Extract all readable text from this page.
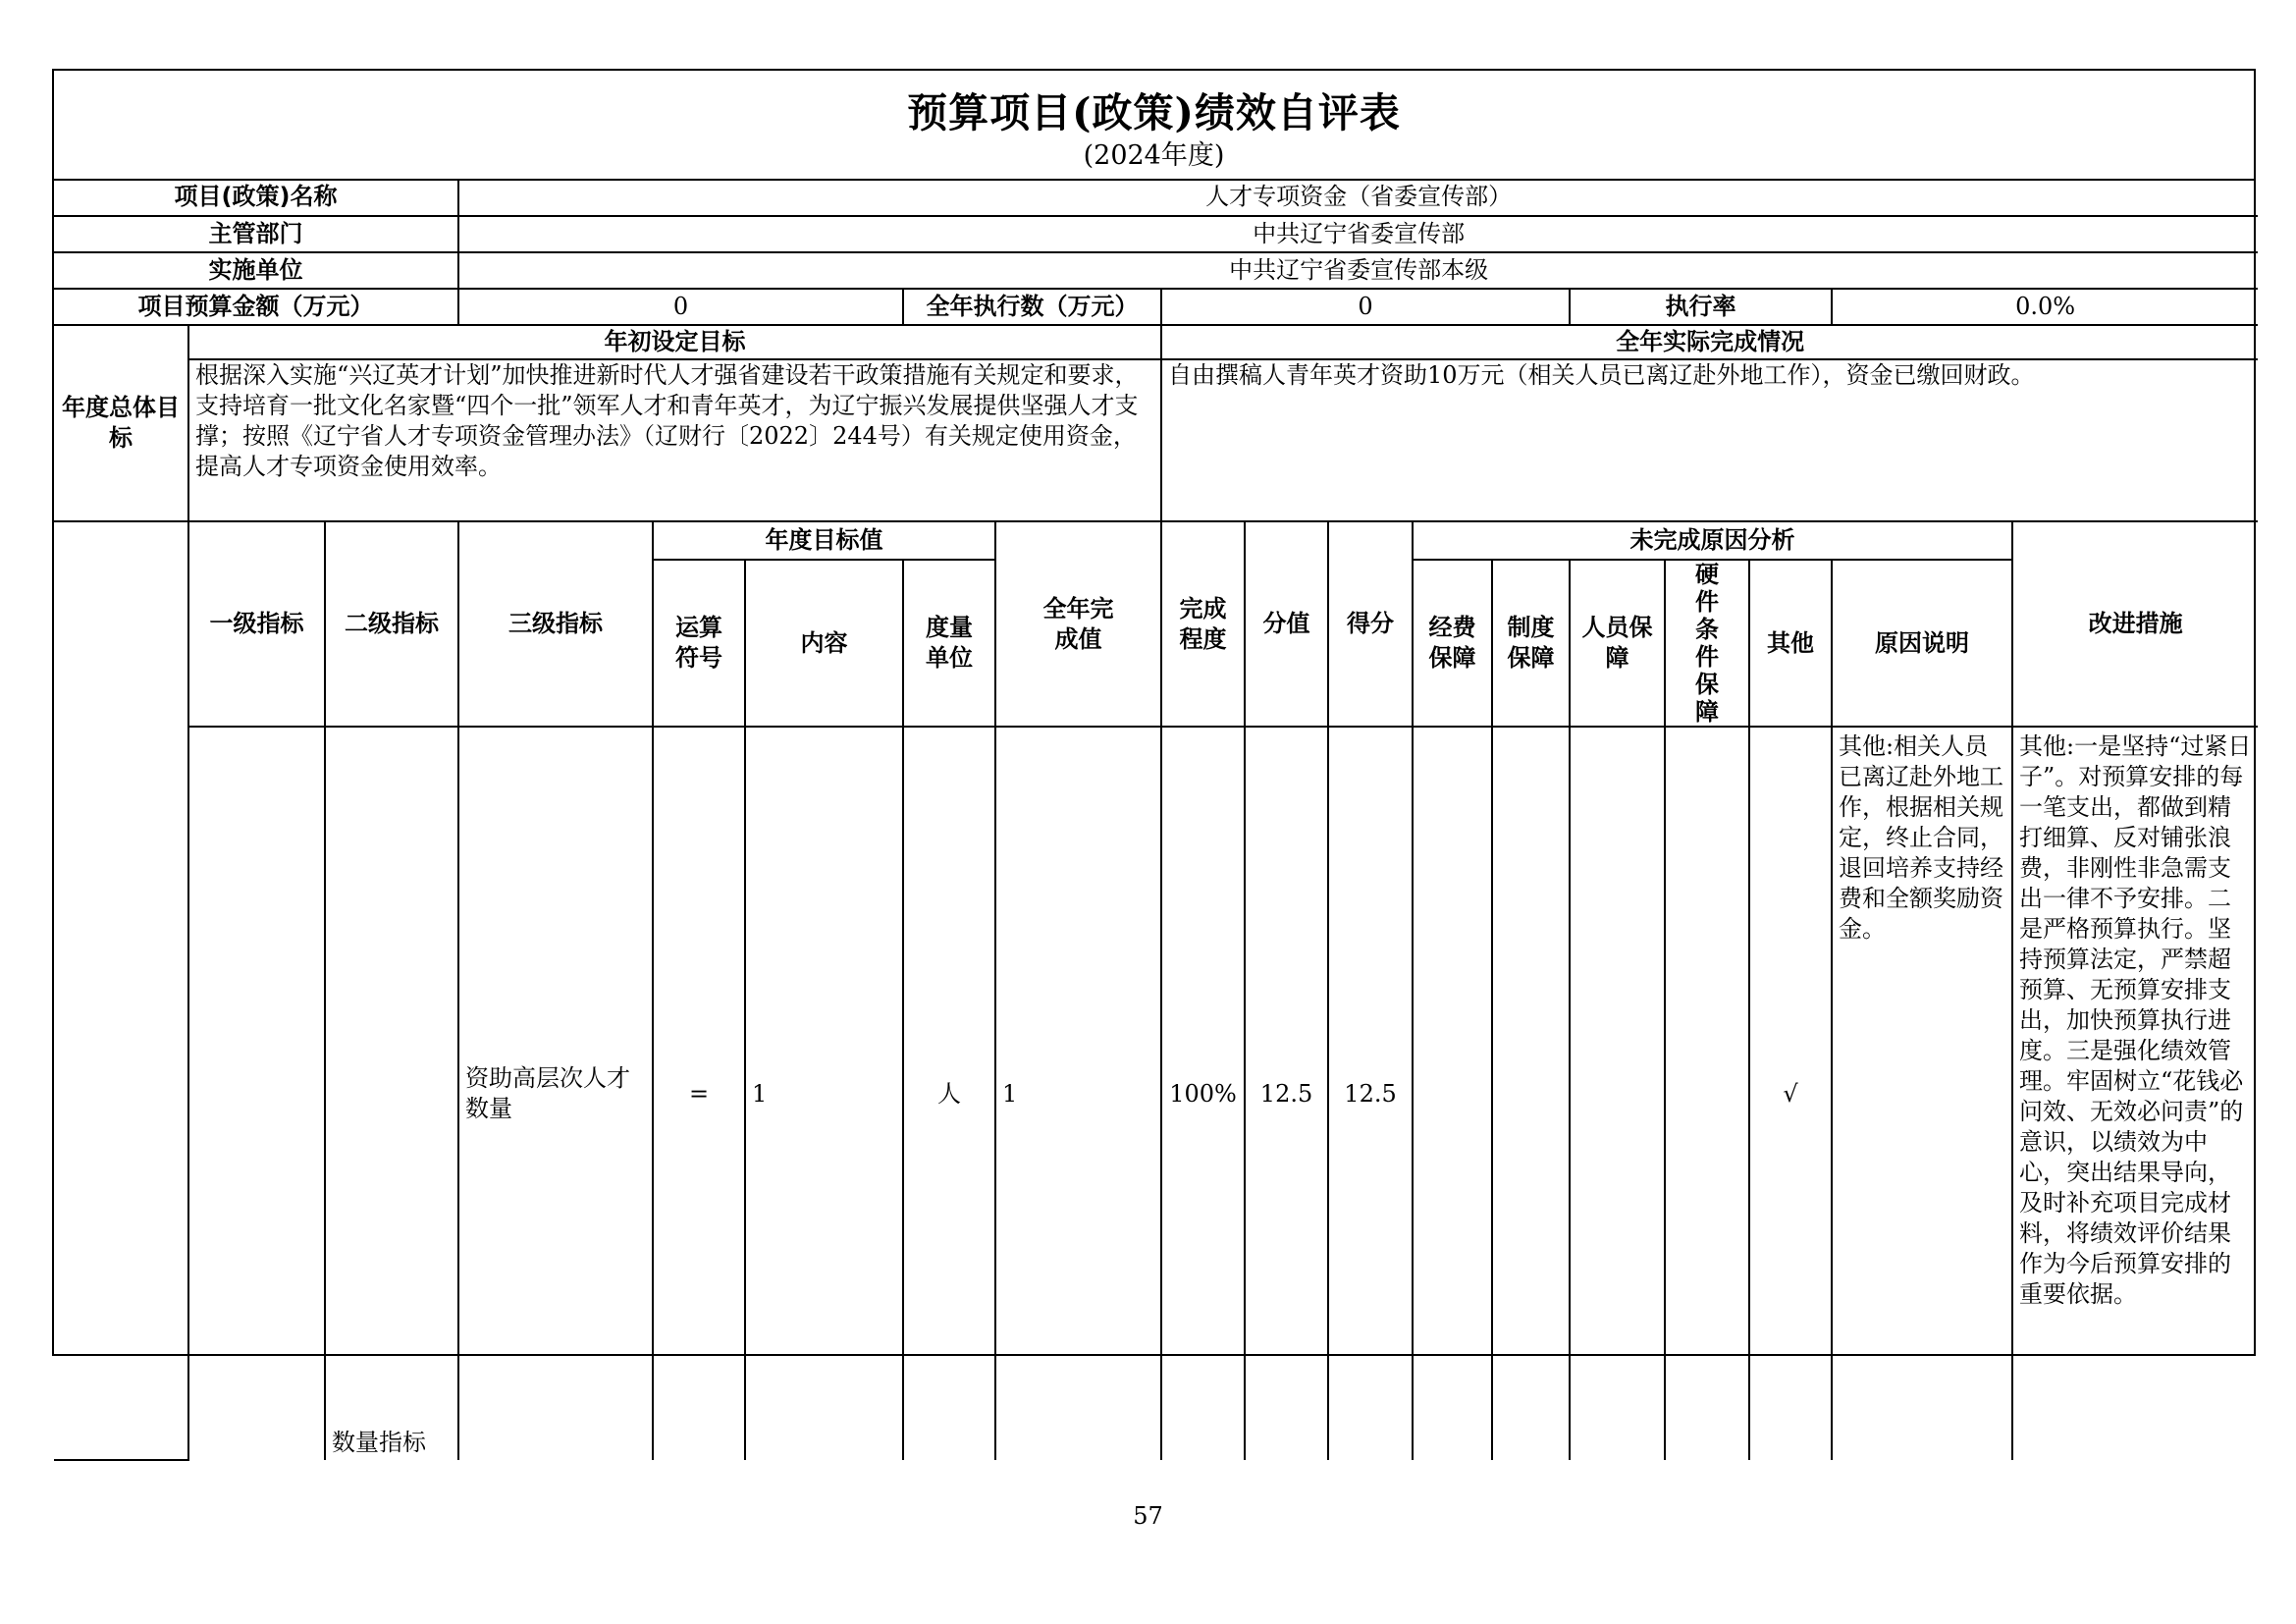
预算项目(政策)绩效自评表
(2024年度)
项目(政策)名称			人才专项资金（省委宣传部）														
主管部门			中共辽宁省委宣传部														
实施单位			中共辽宁省委宣传部本级														
项目预算金额（万元）			0			全年执行数（万元）		0					执行率			0.0%	
年度总体目标	年初设定目标							全年实际完成情况									
	根据深入实施“兴辽英才计划”加快推进新时代人才强省建设若干政策措施有关规定和要求，支持培育一批文化名家暨“四个一批”领军人才和青年英才，为辽宁振兴发展提供坚强人才支撑；按照《辽宁省人才专项资金管理办法》（辽财行〔2022〕244号）有关规定使用资金，提高人才专项资金使用效率。							自由撰稿人青年英才资助10万元（相关人员已离辽赴外地工作），资金已缴回财政。									
	一级指标	二级指标	三级指标	年度目标值			全年完成值	完成程度	分值	得分	未完成原因分析						改进措施
				运算符号	内容	度量单位					经费保障	制度保障	人员保障	硬件条件保障	其他	原因说明	
		数量指标	资助高层次人才数量	=	1	人	1	100%	12.5	12.5					√	其他:相关人员已离辽赴外地工作，根据相关规定，终止合同，退回培养支持经费和全额奖励资金。	其他:一是坚持“过紧日子”。对预算安排的每一笔支出，都做到精打细算、反对铺张浪费，非刚性非急需支出一律不予安排。二是严格预算执行。坚持预算法定，严禁超预算、无预算安排支出，加快预算执行进度。三是强化绩效管理。牢固树立“花钱必问效、无效必问责”的意识，以绩效为中心，突出结果导向，及时补充项目完成材料，将绩效评价结果作为今后预算安排的重要依据。
57
